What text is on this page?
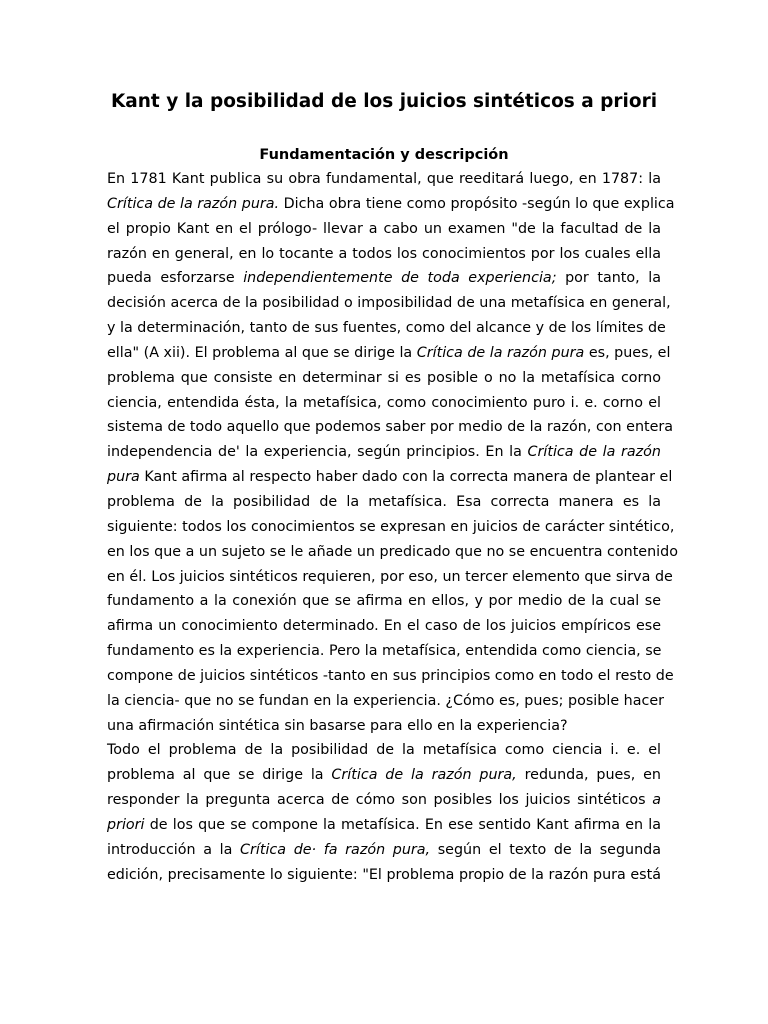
Kant y la posibilidad de los juicios sintéticos a priori
Fundamentación y descripción
En 1781 Kant publica su obra fundamental, que reeditará luego, en 1787: la
Crítica de la razón pura. Dicha obra tiene como propósito -según lo que explica
el propio Kant en el prólogo- llevar a cabo un examen "de la facultad de la
razón en general, en lo tocante a todos los conocimientos por los cuales ella
pueda esforzarse independientemente de toda experiencia; por tanto, la
decisión acerca de la posibilidad o imposibilidad de una metafísica en general,
y la determinación, tanto de sus fuentes, como del alcance y de los límites de
ella" (A xii). El problema al que se dirige la Crítica de la razón pura es, pues, el
problema que consiste en determinar si es posible o no la metafísica corno
ciencia, entendida ésta, la metafísica, como conocimiento puro i. e. corno el
sistema de todo aquello que podemos saber por medio de la razón, con entera
independencia de' la experiencia, según principios. En la Crítica de la razón
pura Kant afirma al respecto haber dado con la correcta manera de plantear el
problema de la posibilidad de la metafísica. Esa correcta manera es la
siguiente: todos los conocimientos se expresan en juicios de carácter sintético,
en los que a un sujeto se le añade un predicado que no se encuentra contenido
en él. Los juicios sintéticos requieren, por eso, un tercer elemento que sirva de
fundamento a la conexión que se afirma en ellos, y por medio de la cual se
afirma un conocimiento determinado. En el caso de los juicios empíricos ese
fundamento es la experiencia. Pero la metafísica, entendida como ciencia, se
compone de juicios sintéticos -tanto en sus principios como en todo el resto de
la ciencia- que no se fundan en la experiencia. ¿Cómo es, pues; posible hacer
una afirmación sintética sin basarse para ello en la experiencia?
Todo el problema de la posibilidad de la metafísica como ciencia i. e. el
problema al que se dirige la Crítica de la razón pura, redunda, pues, en
responder la pregunta acerca de cómo son posibles los juicios sintéticos a
priori de los que se compone la metafísica. En ese sentido Kant afirma en la
introducción a la Crítica de· fa razón pura, según el texto de la segunda
edición, precisamente lo siguiente: "El problema propio de la razón pura está
